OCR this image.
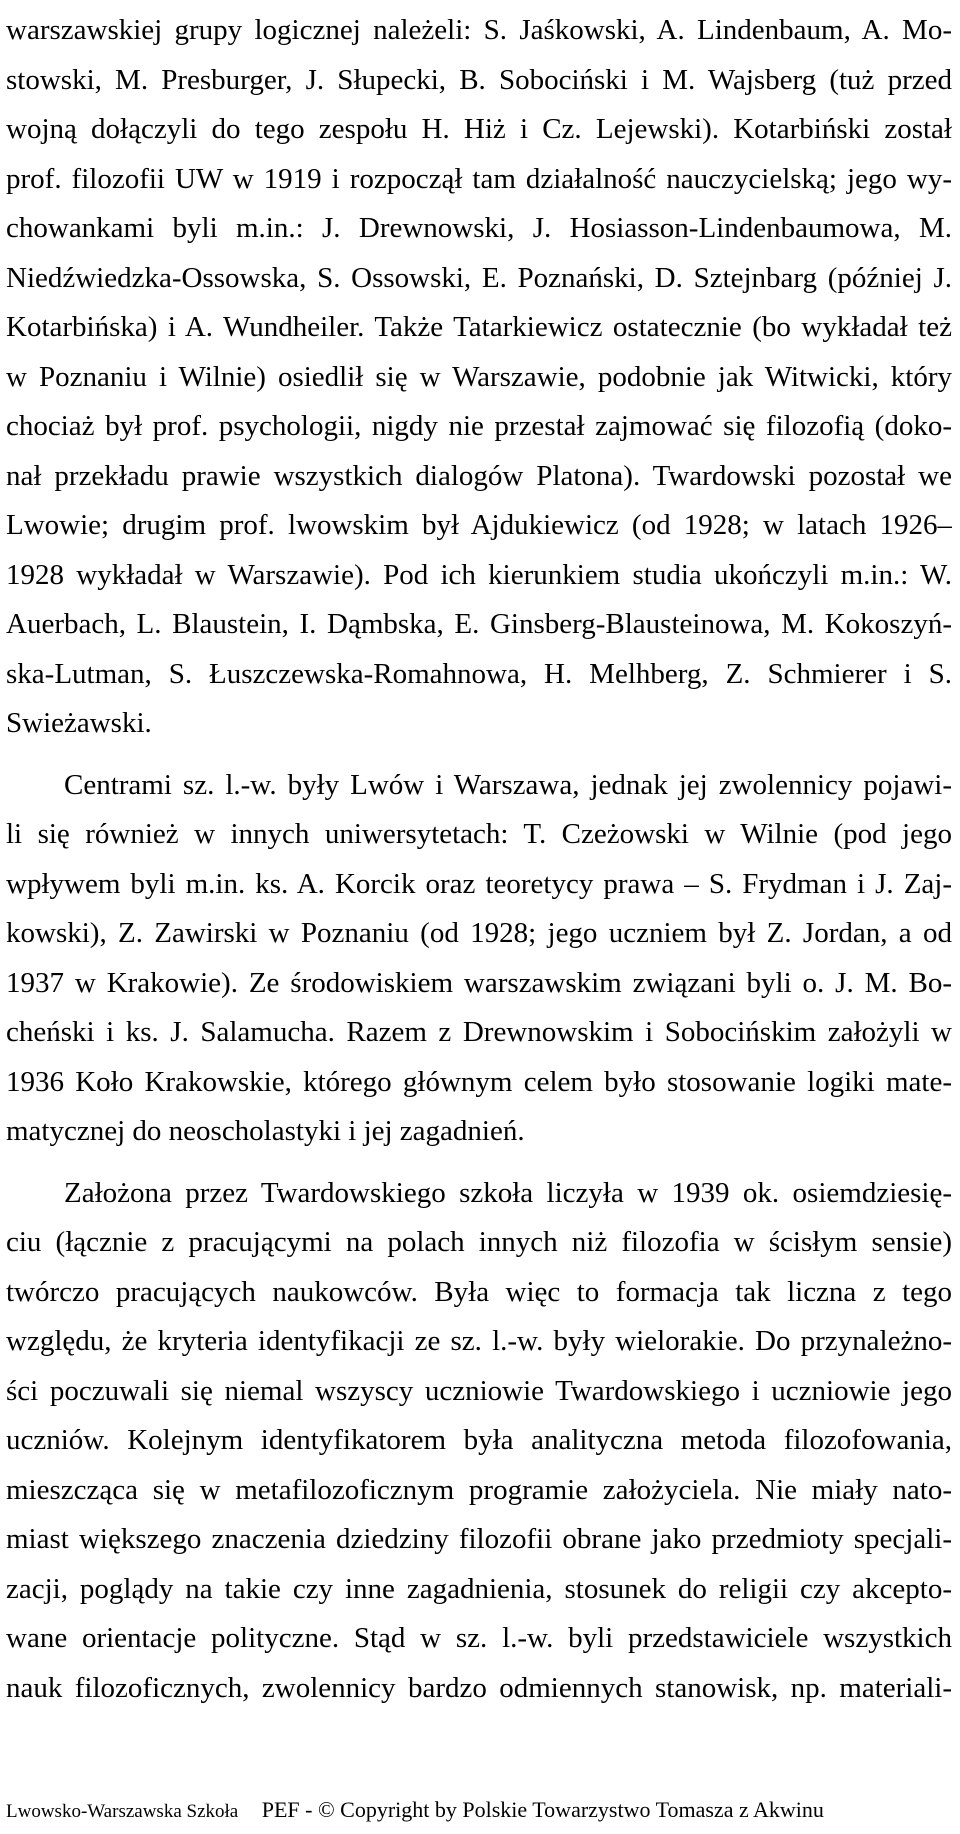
warszawskiej grupy logicznej należeli: S. Jaśkowski, A. Lindenbaum, A. Mo-
stowski, M. Presburger, J. Słupecki, B. Sobociński i M. Wajsberg (tuż przed
wojną dołączyli do tego zespołu H. Hiż i Cz. Lejewski). Kotarbiński został
prof. filozofii UW w 1919 i rozpoczął tam działalność nauczycielską; jego wy-
chowankami byli m.in.: J. Drewnowski, J. Hosiasson-Lindenbaumowa, M.
Niedźwiedzka-Ossowska, S. Ossowski, E. Poznański, D. Sztejnbarg (później J.
Kotarbińska) i A. Wundheiler. Także Tatarkiewicz ostatecznie (bo wykładał też
w Poznaniu i Wilnie) osiedlił się w Warszawie, podobnie jak Witwicki, który
chociaż był prof. psychologii, nigdy nie przestał zajmować się filozofią (doko-
nał przekładu prawie wszystkich dialogów Platona). Twardowski pozostał we
Lwowie; drugim prof. lwowskim był Ajdukiewicz (od 1928; w latach 1926–
1928 wykładał w Warszawie). Pod ich kierunkiem studia ukończyli m.in.: W.
Auerbach, L. Blaustein, I. Dąmbska, E. Ginsberg-Blausteinowa, M. Kokoszyń-
ska-Lutman, S. Łuszczewska-Romahnowa, H. Melhberg, Z. Schmierer i S.
Swieżawski.
Centrami sz. l.-w. były Lwów i Warszawa, jednak jej zwolennicy pojawi-
li się również w innych uniwersytetach: T. Czeżowski w Wilnie (pod jego
wpływem byli m.in. ks. A. Korcik oraz teoretycy prawa – S. Frydman i J. Zaj-
kowski), Z. Zawirski w Poznaniu (od 1928; jego uczniem był Z. Jordan, a od
1937 w Krakowie). Ze środowiskiem warszawskim związani byli o. J. M. Bo-
cheński i ks. J. Salamucha. Razem z Drewnowskim i Sobocińskim założyli w
1936 Koło Krakowskie, którego głównym celem było stosowanie logiki mate-
matycznej do neoscholastyki i jej zagadnień.
Założona przez Twardowskiego szkoła liczyła w 1939 ok. osiemdziesię-
ciu (łącznie z pracującymi na polach innych niż filozofia w ścisłym sensie)
twórczo pracujących naukowców. Była więc to formacja tak liczna z tego
względu, że kryteria identyfikacji ze sz. l.-w. były wielorakie. Do przynależno-
ści poczuwali się niemal wszyscy uczniowie Twardowskiego i uczniowie jego
uczniów. Kolejnym identyfikatorem była analityczna metoda filozofowania,
mieszcząca się w metafilozoficznym programie założyciela. Nie miały nato-
miast większego znaczenia dziedziny filozofii obrane jako przedmioty specjali-
zacji, poglądy na takie czy inne zagadnienia, stosunek do religii czy akcepto-
wane orientacje polityczne. Stąd w sz. l.-w. byli przedstawiciele wszystkich
nauk filozoficznych, zwolennicy bardzo odmiennych stanowisk, np. materiali-
Lwowsko-Warszawska Szkoła PEF - © Copyright by Polskie Towarzystwo Tomasza z Akwinu
